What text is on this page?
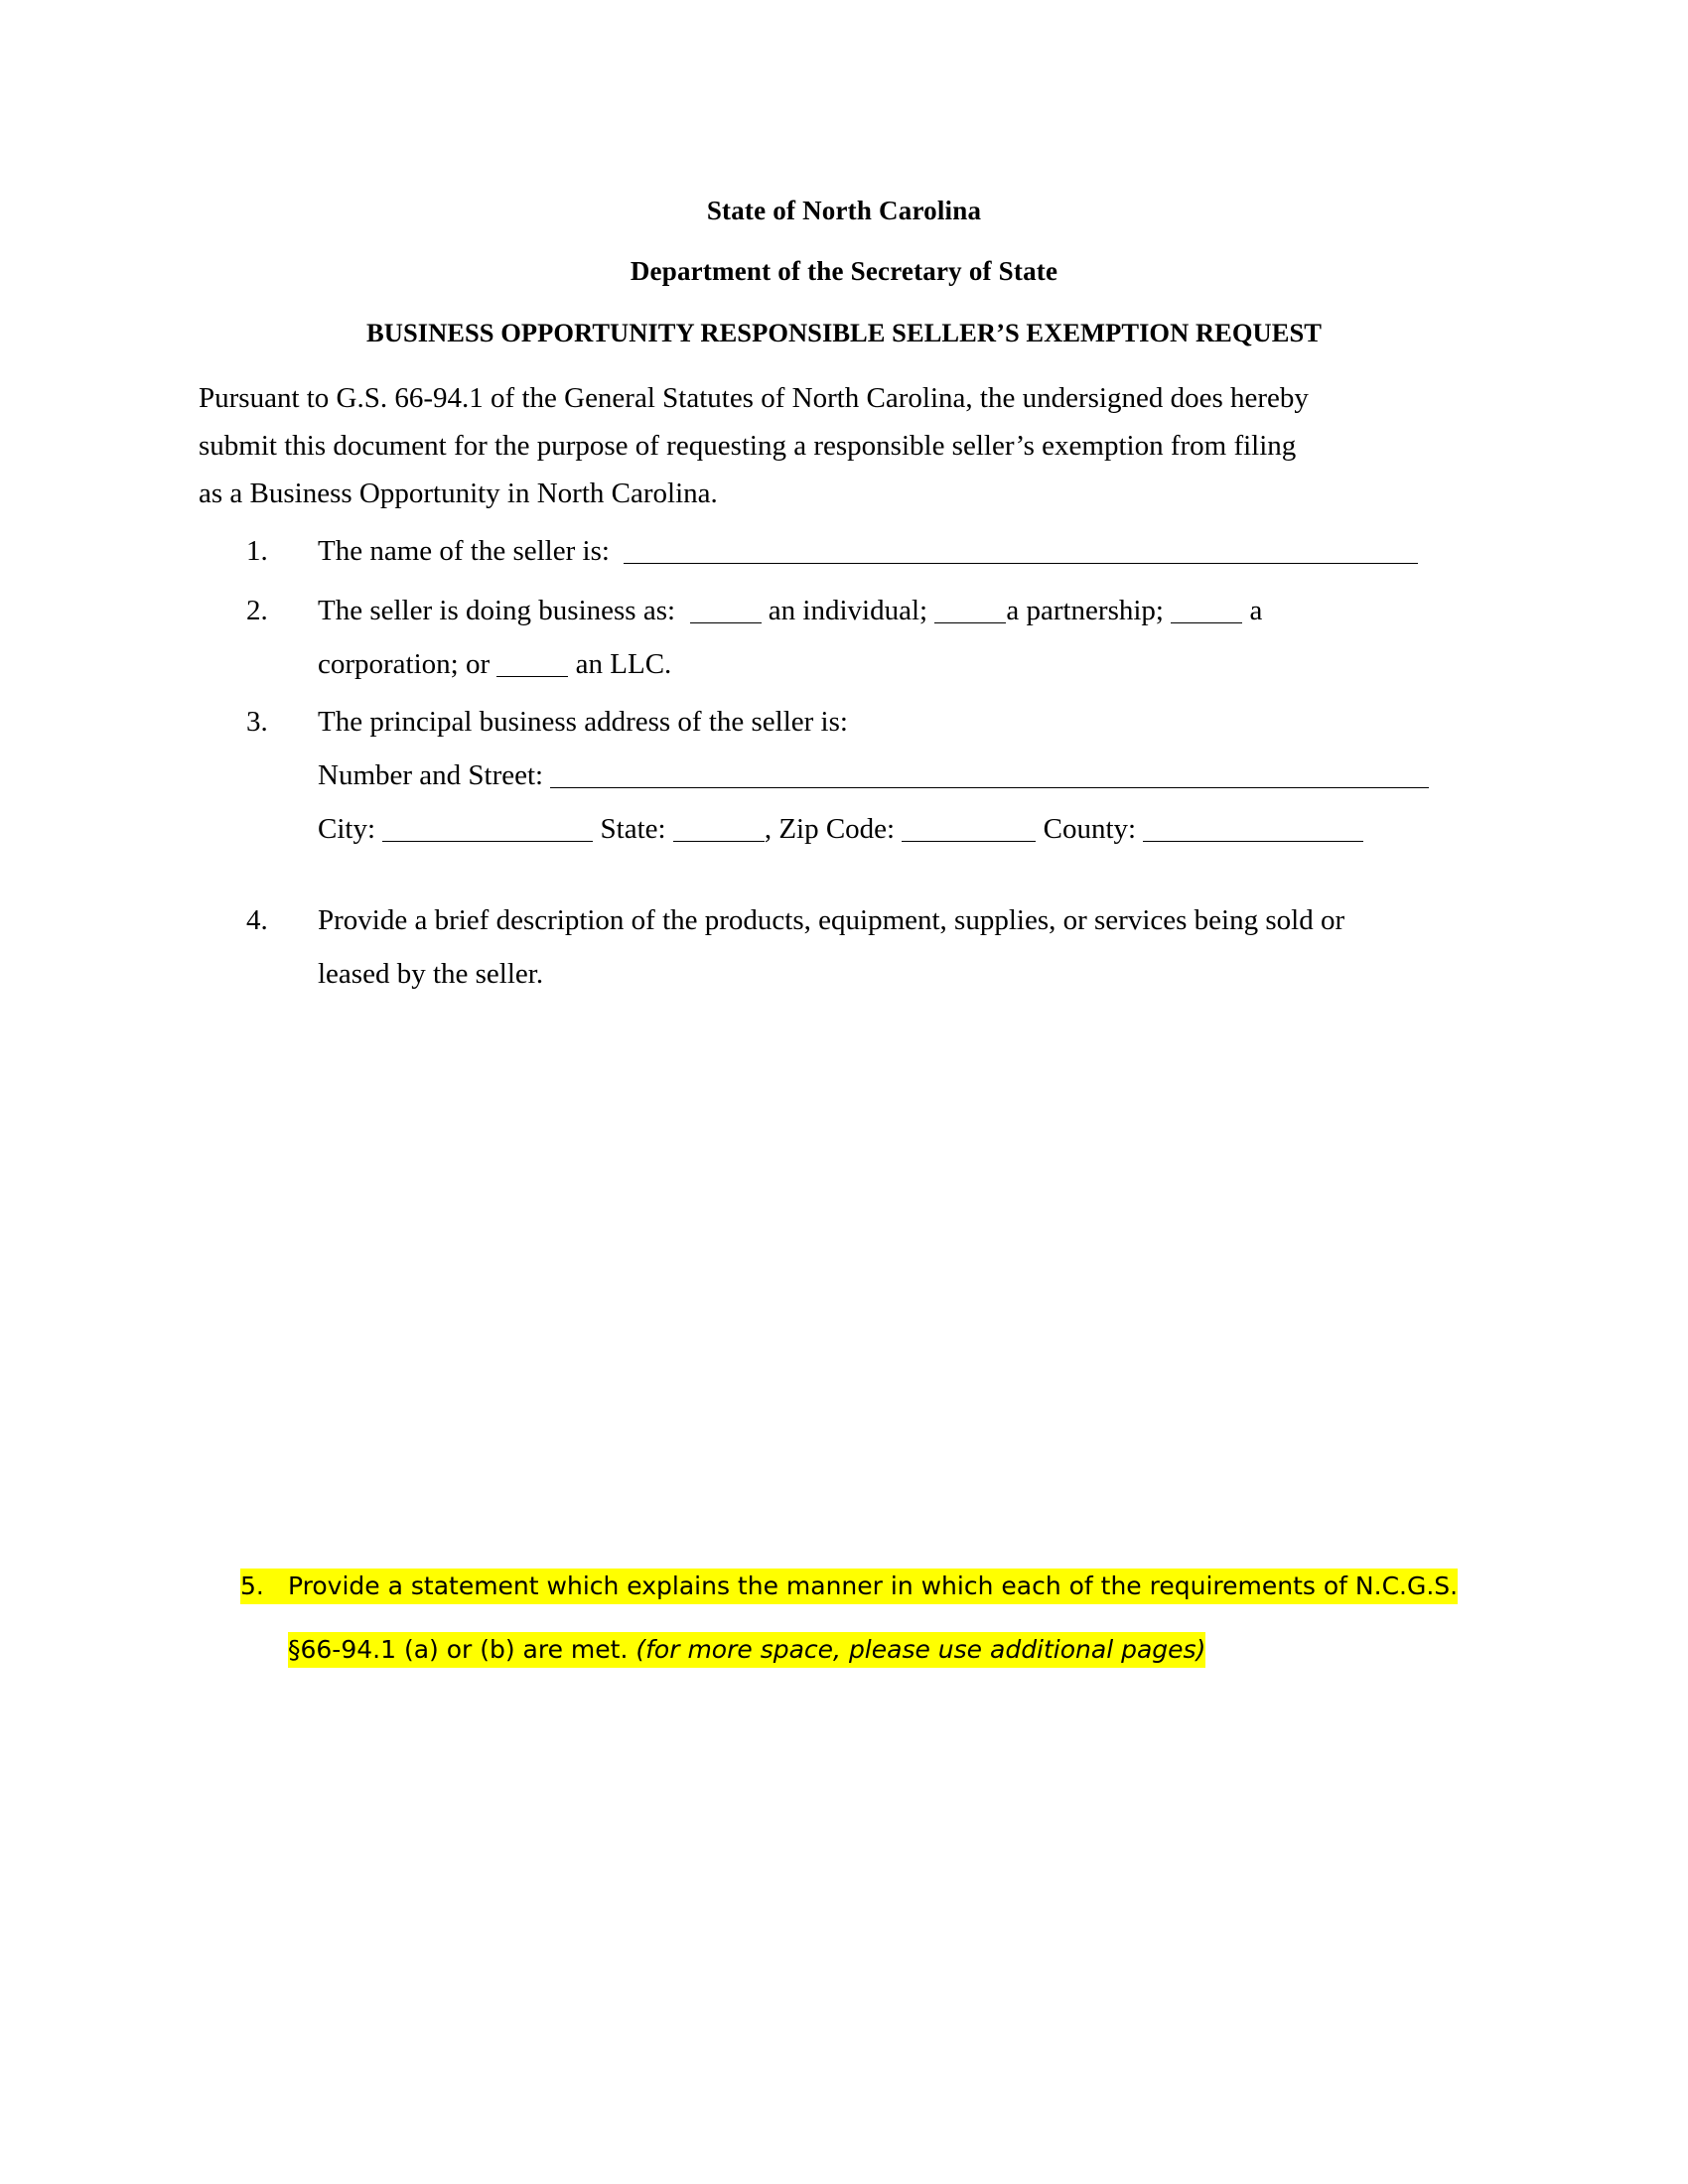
State of North Carolina
Department of the Secretary of State
BUSINESS OPPORTUNITY RESPONSIBLE SELLER’S EXEMPTION REQUEST
Pursuant to G.S. 66-94.1 of the General Statutes of North Carolina, the undersigned does hereby
submit this document for the purpose of requesting a responsible seller’s exemption from filing
as a Business Opportunity in North Carolina.
1.	The name of the seller is:
2.	The seller is doing business as:	an individual;	a partnership;	a
corporation; or	an LLC.
3.	The principal business address of the seller is:
Number and Street:
City:	State:	, Zip Code:	County:
4.	Provide a brief description of the products, equipment, supplies, or services being sold or
leased by the seller.
5. Provide a statement which explains the manner in which each of the requirements of N.C.G.S.
§66-94.1 (a) or (b) are met. (for more space, please use additional pages)
